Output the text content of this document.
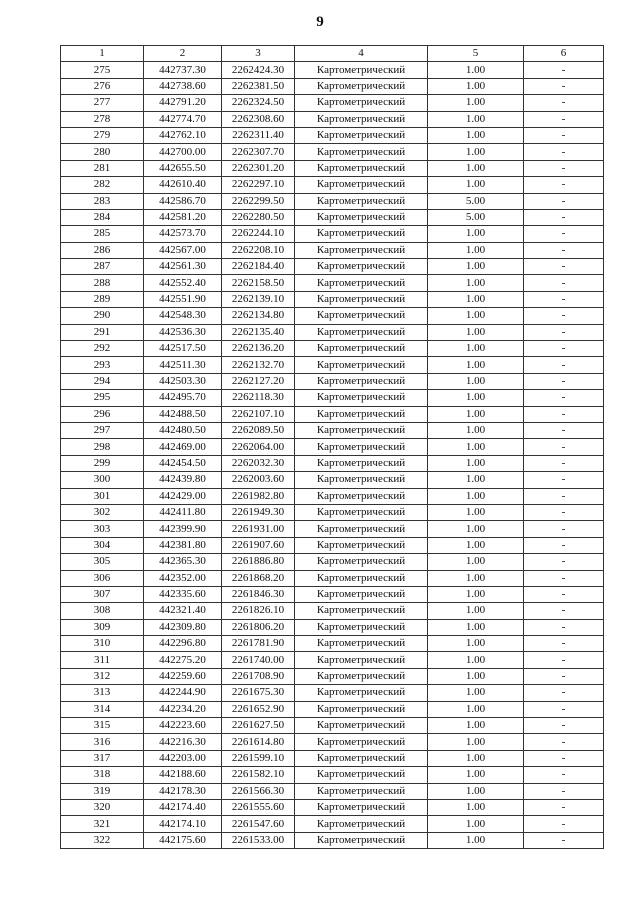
9
1	2	3	4	5	6
275	442737.30	2262424.30	Картометрический	1.00	-
276	442738.60	2262381.50	Картометрический	1.00	-
277	442791.20	2262324.50	Картометрический	1.00	-
278	442774.70	2262308.60	Картометрический	1.00	-
279	442762.10	2262311.40	Картометрический	1.00	-
280	442700.00	2262307.70	Картометрический	1.00	-
281	442655.50	2262301.20	Картометрический	1.00	-
282	442610.40	2262297.10	Картометрический	1.00	-
283	442586.70	2262299.50	Картометрический	5.00	-
284	442581.20	2262280.50	Картометрический	5.00	-
285	442573.70	2262244.10	Картометрический	1.00	-
286	442567.00	2262208.10	Картометрический	1.00	-
287	442561.30	2262184.40	Картометрический	1.00	-
288	442552.40	2262158.50	Картометрический	1.00	-
289	442551.90	2262139.10	Картометрический	1.00	-
290	442548.30	2262134.80	Картометрический	1.00	-
291	442536.30	2262135.40	Картометрический	1.00	-
292	442517.50	2262136.20	Картометрический	1.00	-
293	442511.30	2262132.70	Картометрический	1.00	-
294	442503.30	2262127.20	Картометрический	1.00	-
295	442495.70	2262118.30	Картометрический	1.00	-
296	442488.50	2262107.10	Картометрический	1.00	-
297	442480.50	2262089.50	Картометрический	1.00	-
298	442469.00	2262064.00	Картометрический	1.00	-
299	442454.50	2262032.30	Картометрический	1.00	-
300	442439.80	2262003.60	Картометрический	1.00	-
301	442429.00	2261982.80	Картометрический	1.00	-
302	442411.80	2261949.30	Картометрический	1.00	-
303	442399.90	2261931.00	Картометрический	1.00	-
304	442381.80	2261907.60	Картометрический	1.00	-
305	442365.30	2261886.80	Картометрический	1.00	-
306	442352.00	2261868.20	Картометрический	1.00	-
307	442335.60	2261846.30	Картометрический	1.00	-
308	442321.40	2261826.10	Картометрический	1.00	-
309	442309.80	2261806.20	Картометрический	1.00	-
310	442296.80	2261781.90	Картометрический	1.00	-
311	442275.20	2261740.00	Картометрический	1.00	-
312	442259.60	2261708.90	Картометрический	1.00	-
313	442244.90	2261675.30	Картометрический	1.00	-
314	442234.20	2261652.90	Картометрический	1.00	-
315	442223.60	2261627.50	Картометрический	1.00	-
316	442216.30	2261614.80	Картометрический	1.00	-
317	442203.00	2261599.10	Картометрический	1.00	-
318	442188.60	2261582.10	Картометрический	1.00	-
319	442178.30	2261566.30	Картометрический	1.00	-
320	442174.40	2261555.60	Картометрический	1.00	-
321	442174.10	2261547.60	Картометрический	1.00	-
322	442175.60	2261533.00	Картометрический	1.00	-
